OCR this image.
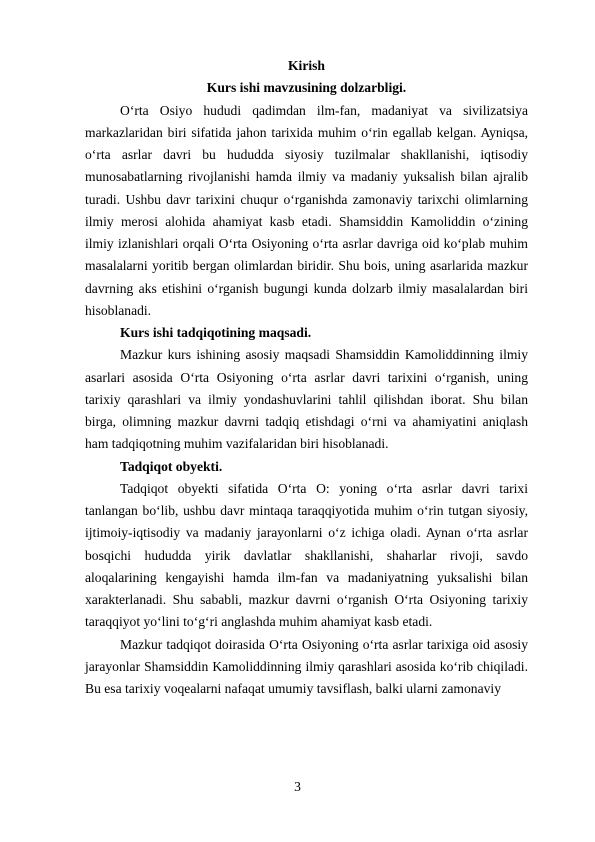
Kirish

Kurs ishi mavzusining dolzarbligi.

O‘rta Osiyo hududi qadimdan ilm-fan, madaniyat va sivilizatsiya markazlaridan biri sifatida jahon tarixida muhim o‘rin egallab kelgan. Ayniqsa, o‘rta asrlar davri bu hududda siyosiy tuzilmalar shakllanishi, iqtisodiy munosabatlarning rivojlanishi hamda ilmiy va madaniy yuksalish bilan ajralib turadi. Ushbu davr tarixini chuqur o‘rganishda zamonaviy tarixchi olimlarning ilmiy merosi alohida ahamiyat kasb etadi. Shamsiddin Kamoliddin o‘zining ilmiy izlanishlari orqali O‘rta Osiyoning o‘rta asrlar davriga oid ko‘plab muhim masalalarni yoritib bergan olimlardan biridir. Shu bois, uning asarlarida mazkur davrning aks etishini o‘rganish bugungi kunda dolzarb ilmiy masalalardan biri hisoblanadi.

Kurs ishi tadqiqotining maqsadi.

Mazkur kurs ishining asosiy maqsadi Shamsiddin Kamoliddinning ilmiy asarlari asosida O‘rta Osiyoning o‘rta asrlar davri tarixini o‘rganish, uning tarixiy qarashlari va ilmiy yondashuvlarini tahlil qilishdan iborat. Shu bilan birga, olimning mazkur davrni tadqiq etishdagi o‘rni va ahamiyatini aniqlash ham tadqiqotning muhim vazifalaridan biri hisoblanadi.

Tadqiqot obyekti.

Tadqiqot obyekti sifatida O‘rta O: yoning o‘rta asrlar davri tarixi tanlangan bo‘lib, ushbu davr mintaqa taraqqiyotida muhim o‘rin tutgan siyosiy, ijtimoiy-iqtisodiy va madaniy jarayonlarni o‘z ichiga oladi. Aynan o‘rta asrlar bosqichi hududda yirik davlatlar shakllanishi, shaharlar rivoji, savdo aloqalarining kengayishi hamda ilm-fan va madaniyatning yuksalishi bilan xarakterlanadi. Shu sababli, mazkur davrni o‘rganish O‘rta Osiyoning tarixiy taraqqiyot yo‘lini to‘g‘ri anglashda muhim ahamiyat kasb etadi.

Mazkur tadqiqot doirasida O‘rta Osiyoning o‘rta asrlar tarixiga oid asosiy jarayonlar Shamsiddin Kamoliddinning ilmiy qarashlari asosida ko‘rib chiqiladi. Bu esa tarixiy voqealarni nafaqat umumiy tavsiflash, balki ularni zamonaviy

3
